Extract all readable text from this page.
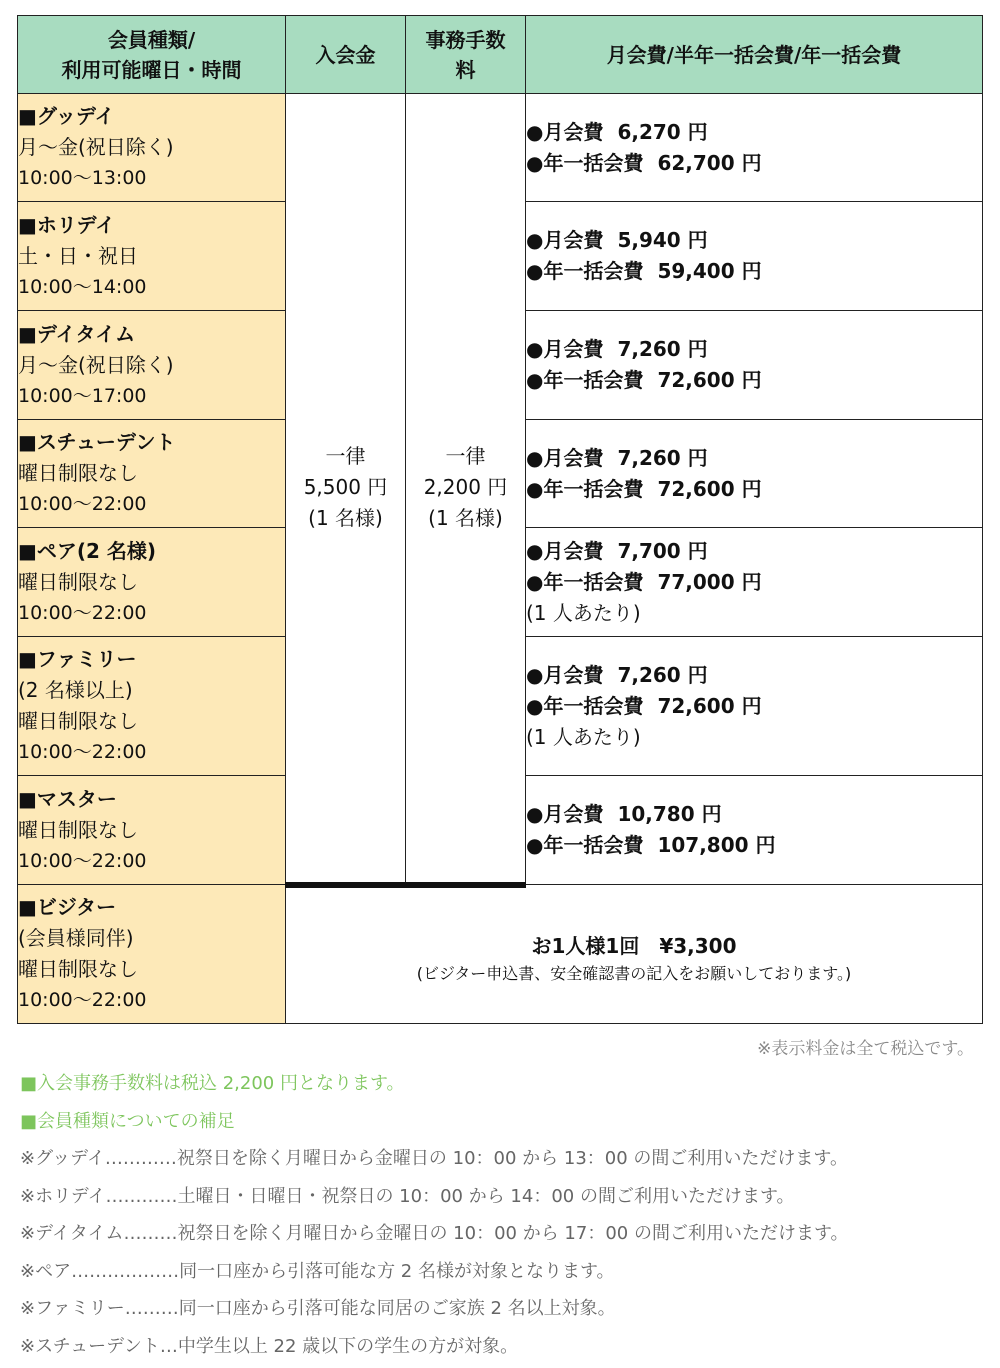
会員種類/
利用可能曜日・時間	入会金	事務手数
料	月会費/半年一括会費/年一括会費

■グッデイ
月～金(祝日除く)
10:00～13:00	一律
5,500 円
(1 名様)	一律
2,200 円
(1 名様)	●月会費 6,270 円
●年一括会費 62,700 円

■ホリデイ
土・日・祝日
10:00～14:00			●月会費 5,940 円
●年一括会費 59,400 円

■デイタイム
月～金(祝日除く)
10:00～17:00			●月会費 7,260 円
●年一括会費 72,600 円

■スチューデント
曜日制限なし
10:00～22:00			●月会費 7,260 円
●年一括会費 72,600 円

■ペア(2 名様)
曜日制限なし
10:00～22:00			●月会費 7,700 円
●年一括会費 77,000 円
(1 人あたり)

■ファミリー
(2 名様以上)
曜日制限なし
10:00～22:00			●月会費 7,260 円
●年一括会費 72,600 円
(1 人あたり)

■マスター
曜日制限なし
10:00～22:00			●月会費 10,780 円
●年一括会費 107,800 円

■ビジター
(会員様同伴)
曜日制限なし
10:00～22:00	お1人様1回　¥3,300
(ビジター申込書、安全確認書の記入をお願いしております。)		
※表示料金は全て税込です。
■入会事務手数料は税込 2,200 円となります。
■会員種類についての補足
※グッデイ…………祝祭日を除く月曜日から金曜日の 10：00 から 13：00 の間ご利用いただけます。
※ホリデイ…………土曜日・日曜日・祝祭日の 10：00 から 14：00 の間ご利用いただけます。
※デイタイム………祝祭日を除く月曜日から金曜日の 10：00 から 17：00 の間ご利用いただけます。
※ペア………………同一口座から引落可能な方 2 名様が対象となります。
※ファミリー………同一口座から引落可能な同居のご家族 2 名以上対象。
※スチューデント…中学生以上 22 歳以下の学生の方が対象。
